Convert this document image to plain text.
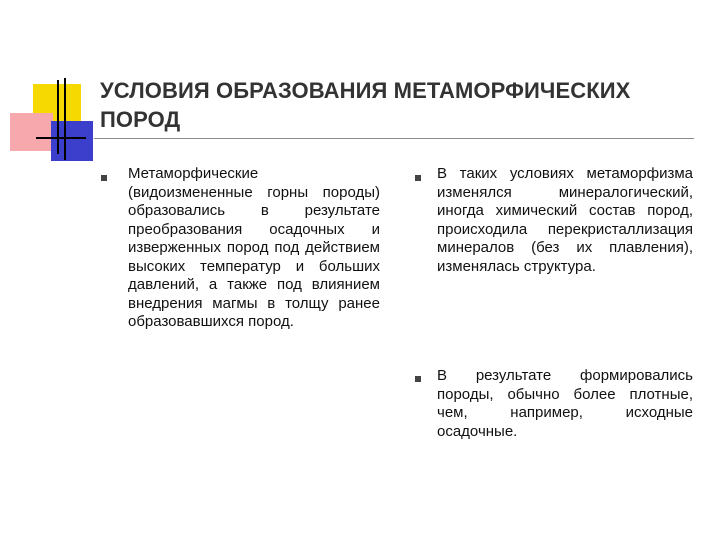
УСЛОВИЯ ОБРАЗОВАНИЯ МЕТАМОРФИЧЕСКИХ ПОРОД
Метаморфические (видоизмененные горны породы) образовались в результате преобразования осадочных и изверженных пород под действием высоких температур и больших давлений, а также под влиянием внедрения магмы в толщу ранее образовавшихся пород.
В таких условиях метаморфизма изменялся минералогический, иногда химический состав пород, происходила перекристаллизация минералов (без их плавления), изменялась структура.
В результате формировались породы, обычно более плотные, чем, например, исходные осадочные.
